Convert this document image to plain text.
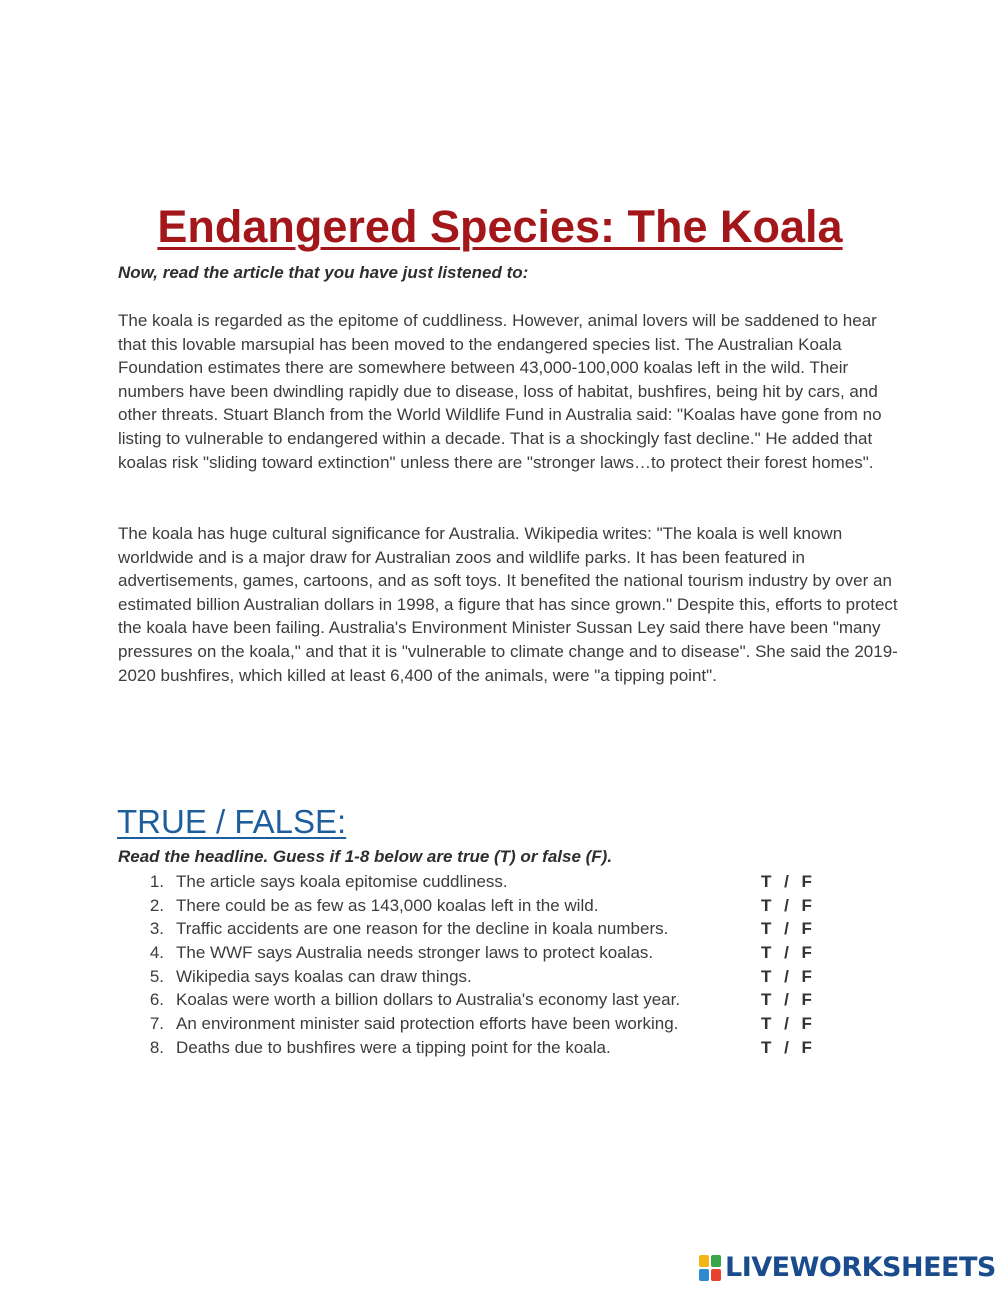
Endangered Species: The Koala
Now, read the article that you have just listened to:

The koala is regarded as the epitome of cuddliness. However, animal lovers will be saddened to hear that this lovable marsupial has been moved to the endangered species list. The Australian Koala Foundation estimates there are somewhere between 43,000-100,000 koalas left in the wild. Their numbers have been dwindling rapidly due to disease, loss of habitat, bushfires, being hit by cars, and other threats. Stuart Blanch from the World Wildlife Fund in Australia said: "Koalas have gone from no listing to vulnerable to endangered within a decade. That is a shockingly fast decline." He added that koalas risk "sliding toward extinction" unless there are "stronger laws…to protect their forest homes".

The koala has huge cultural significance for Australia. Wikipedia writes: "The koala is well known worldwide and is a major draw for Australian zoos and wildlife parks. It has been featured in advertisements, games, cartoons, and as soft toys. It benefited the national tourism industry by over an estimated billion Australian dollars in 1998, a figure that has since grown." Despite this, efforts to protect the koala have been failing. Australia's Environment Minister Sussan Ley said there have been "many pressures on the koala," and that it is "vulnerable to climate change and to disease". She said the 2019-2020 bushfires, which killed at least 6,400 of the animals, were "a tipping point".

TRUE / FALSE:
Read the headline. Guess if 1-8 below are true (T) or false (F).
1. The article says koala epitomise cuddliness.	T / F
2. There could be as few as 143,000 koalas left in the wild.	T / F
3. Traffic accidents are one reason for the decline in koala numbers.	T / F
4. The WWF says Australia needs stronger laws to protect koalas.	T / F
5. Wikipedia says koalas can draw things.	T / F
6. Koalas were worth a billion dollars to Australia's economy last year.	T / F
7. An environment minister said protection efforts have been working.	T / F
8. Deaths due to bushfires were a tipping point for the koala.	T / F
LIVEWORKSHEETS
